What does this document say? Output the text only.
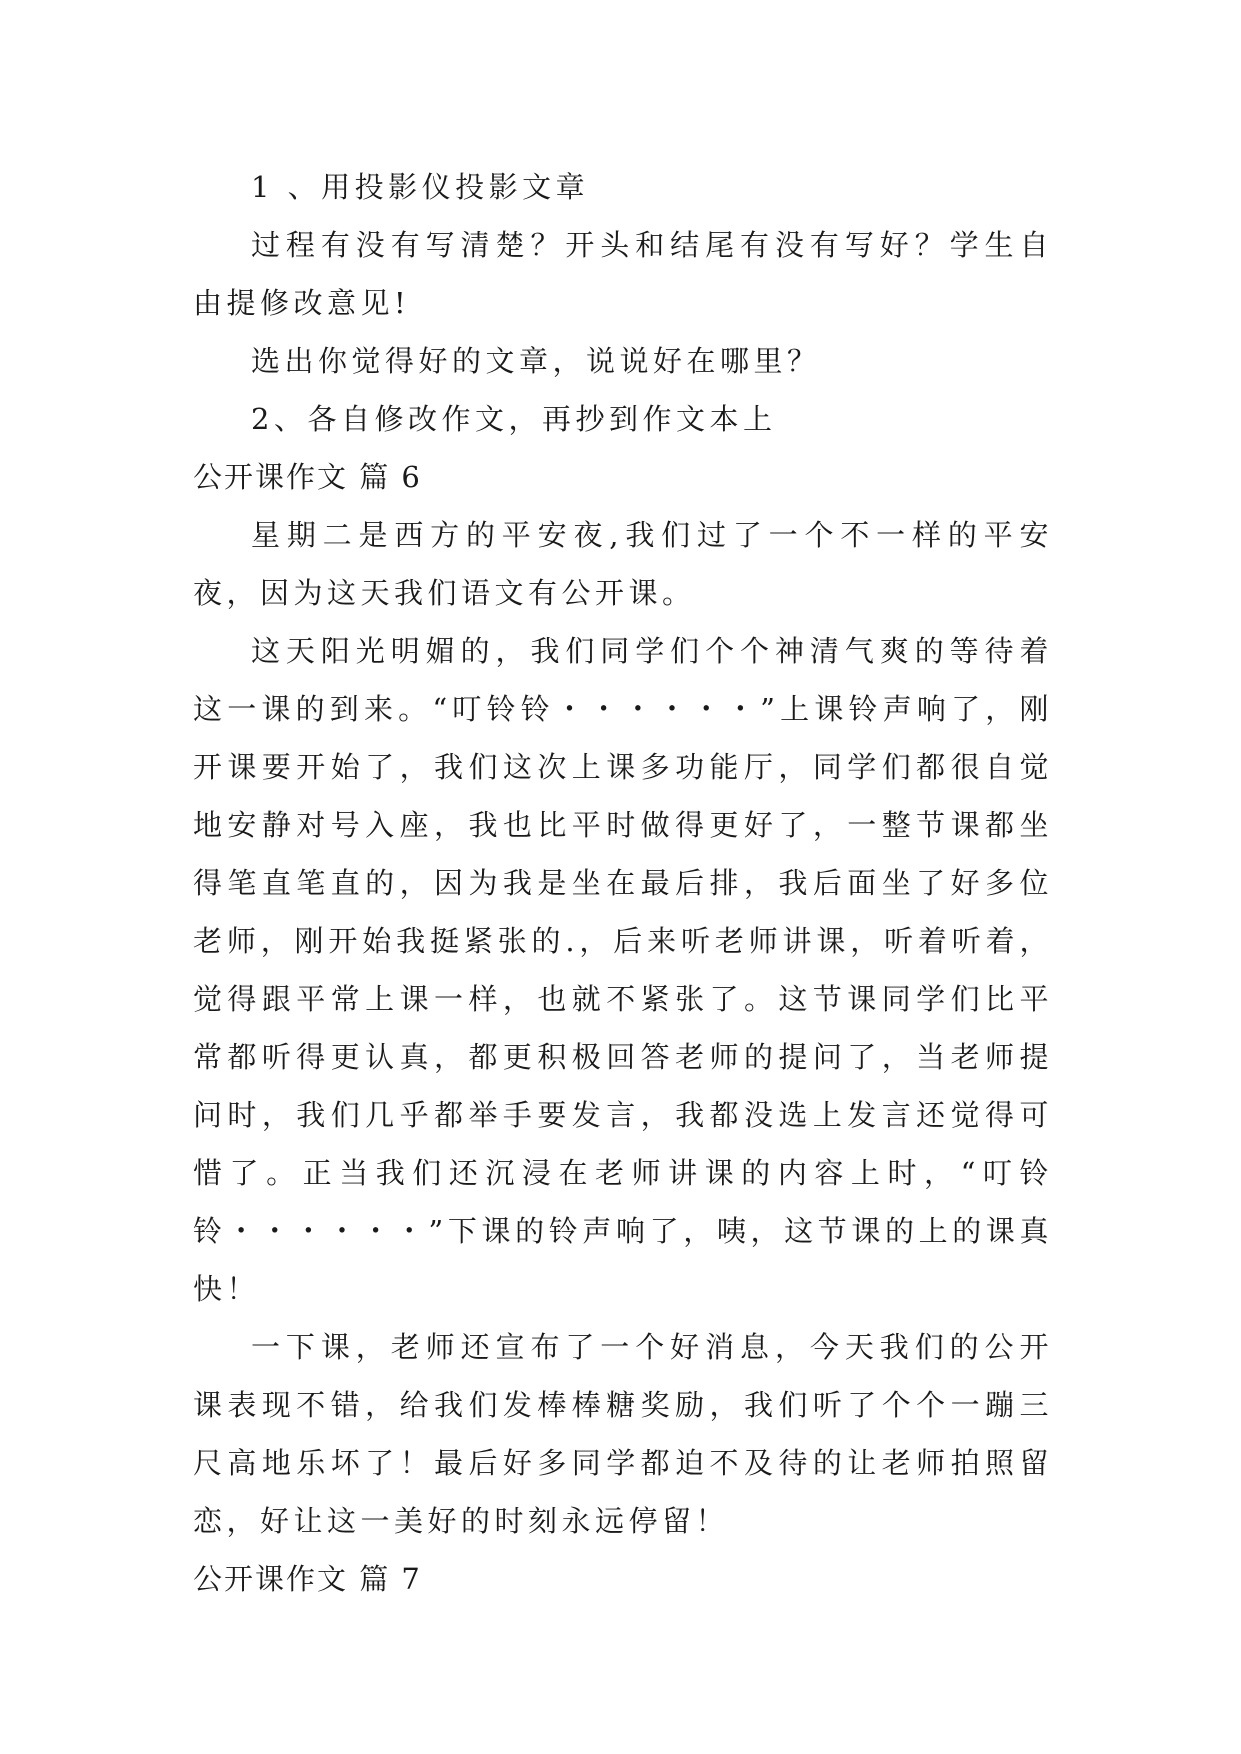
1 、用投影仪投影文章

过程有没有写清楚？开头和结尾有没有写好？学生自由提修改意见!

选出你觉得好的文章，说说好在哪里？

2、各自修改作文，再抄到作文本上

公开课作文 篇 6

星期二是西方的平安夜,我们过了一个不一样的平安夜，因为这天我们语文有公开课。

这天阳光明媚的，我们同学们个个神清气爽的等待着这一课的到来。“叮铃铃・・・・・・”上课铃声响了，刚开课要开始了，我们这次上课多功能厅，同学们都很自觉地安静对号入座，我也比平时做得更好了，一整节课都坐得笔直笔直的，因为我是坐在最后排，我后面坐了好多位老师，刚开始我挺紧张的.，后来听老师讲课，听着听着，觉得跟平常上课一样，也就不紧张了。这节课同学们比平常都听得更认真，都更积极回答老师的提问了，当老师提问时，我们几乎都举手要发言，我都没选上发言还觉得可惜了。正当我们还沉浸在老师讲课的内容上时，“叮铃铃・・・・・・”下课的铃声响了，咦，这节课的上的课真快！

一下课，老师还宣布了一个好消息，今天我们的公开课表现不错，给我们发棒棒糖奖励，我们听了个个一蹦三尺高地乐坏了！最后好多同学都迫不及待的让老师拍照留恋，好让这一美好的时刻永远停留！

公开课作文 篇 7
